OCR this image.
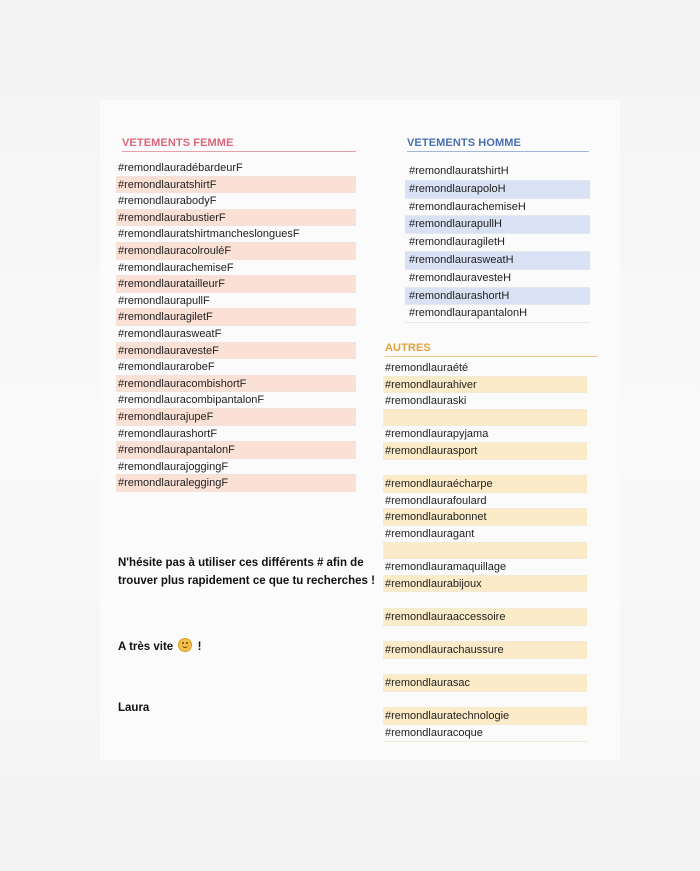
VETEMENTS FEMME
#remondlauradébardeurF
#remondlauratshirtF
#remondlaurabodyF
#remondlaurabustierF
#remondlauratshirtmancheslonguesF
#remondlauracolrouléF
#remondlaurachemiseF
#remondlauratailleurF
#remondlaurapullF
#remondlauragiletF
#remondlaurasweatF
#remondlauravesteF
#remondlaurarobeF
#remondlauracombishortF
#remondlauracombipantalonF
#remondlaurajupeF
#remondlaurashortF
#remondlaurapantalonF
#remondlaurajoggingF
#remondlauraleggingF
VETEMENTS HOMME
#remondlauratshirtH
#remondlaurapoloH
#remondlaurachemiseH
#remondlaurapullH
#remondlauragiletH
#remondlaurasweatH
#remondlauravesteH
#remondlaurashortH
#remondlaurapantalonH
AUTRES
#remondlauraété
#remondlaurahiver
#remondlauraski
#remondlaurapyjama
#remondlaurasport
#remondlauraécharpe
#remondlaurafoulard
#remondlaurabonnet
#remondlauragant
#remondlauramaquillage
#remondlaurabijoux
#remondlauraaccessoire
#remondlaurachaussure
#remondlaurasac
#remondlauratechnologie
#remondlauracoque
N'hésite pas à utiliser ces différents # afin de trouver plus rapidement ce que tu recherches !
A très vite !
Laura
